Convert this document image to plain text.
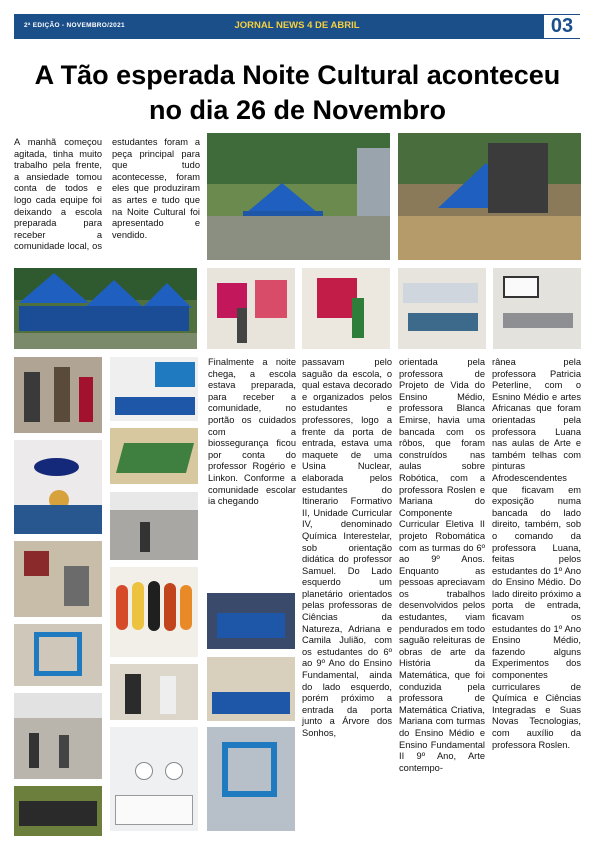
2ª EDIÇÃO - NOVEMBRO/2021	JORNAL NEWS 4 DE ABRIL	03
A Tão esperada Noite Cultural aconteceu
no dia 26 de Novembro

A manhã começou agitada, tinha muito trabalho pela frente, a ansiedade tomou conta de todos e logo cada equipe foi deixando a escola preparada para receber a comunidade local, os estudantes foram a peça principal para que tudo acontecesse, foram eles que produziram as artes e tudo que na Noite Cultural foi apresentado e vendido.

Finalmente a noite chega, a escola estava preparada, para receber a comunidade, no portão os cuidados com a biossegurança ficou por conta do professor Rogério e Linkon. Conforme a comunidade escolar ia chegando

passavam pelo saguão da escola, o qual estava decorado e organizados pelos estudantes e professores, logo a frente da porta de entrada, estava uma maquete de uma Usina Nuclear, elaborada pelos estudantes do Itinerario Formativo II, Unidade Curricular IV, denominado Química Interestelar, sob orientação didática do professor Samuel. Do Lado esquerdo um planetário orientados pelas professoras de Ciências da Natureza, Adriana e Camila Julião, com os estudantes do 6º ao 9º Ano do Ensino Fundamental, ainda do lado esquerdo, porém próximo a entrada da porta junto a Árvore dos Sonhos,

orientada pela professora de Projeto de Vida do Ensino Médio, professora Blanca Emirse, havia uma bancada com os rôbos, que foram construídos nas aulas sobre Robótica, com a professora Roslen e Mariana do Componente Curricular Eletiva II projeto Robomática com as turmas do 6º ao 9º Anos. Enquanto as pessoas apreciavam os trabalhos desenvolvidos pelos estudantes, viam pendurados em todo saguão releituras de obras de arte da História da Matemática, que foi conduzida pela professora de Matemática Criativa, Mariana com turmas do Ensino Médio e Ensino Fundamental II 9º Ano, Arte contempo-

rânea pela professora Patricia Peterline, com o Esnino Médio e artes Africanas que foram orientadas pela professora Luana nas aulas de Arte e também telhas com pinturas Afrodescendentes que ficavam em exposição numa bancada do lado direito, também, sob o comando da professora Luana, feitas pelos estudantes do 1º Ano do Ensino Médio. Do lado direito próximo a porta de entrada, ficavam os estudantes do 1º Ano Ensino Médio, fazendo alguns Experimentos dos componentes curriculares de Química e Ciências Integradas e Suas Novas Tecnologias, com auxílio da professora Roslen.
